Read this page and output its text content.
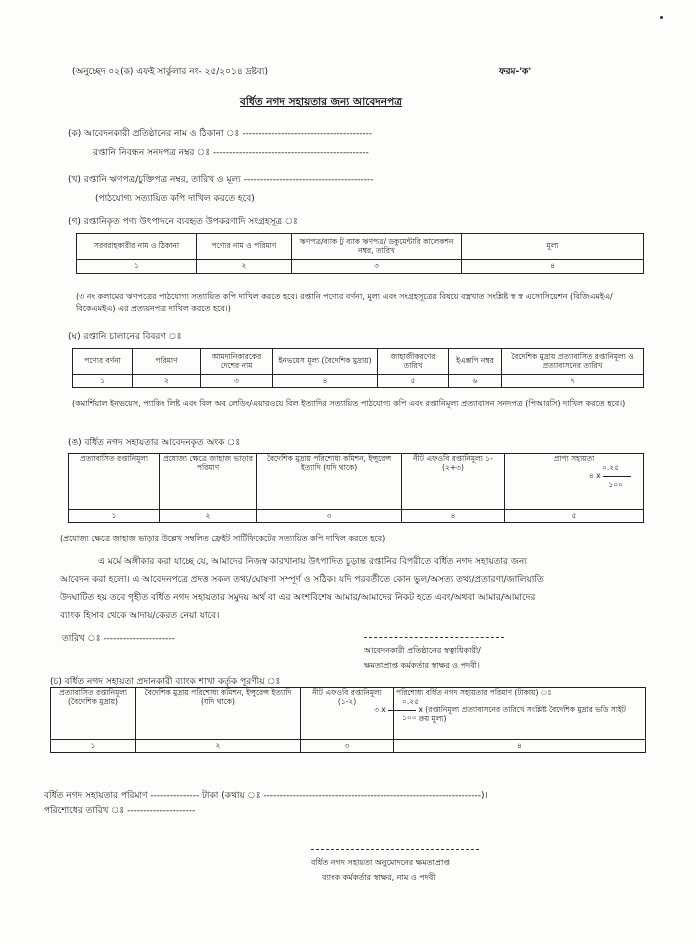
(অনুচ্ছেদ ০২(ক) এফই সার্কুলার নং- ২৫/২০১৪ দ্রষ্টব্য)	ফরম-'ক'
বর্ধিত নগদ সহায়তার জন্য আবেদনপত্র
(ক) আবেদনকারী প্রতিষ্ঠানের নাম ও ঠিকানা ঃ ----------------------------------------
রপ্তানি নিবন্ধন সনদপত্র নম্বর ঃ ------------------------------------------------
(খ) রপ্তানি ঋণপত্র/চুক্তিপত্র নম্বর, তারিখ ও মূল্য ----------------------------------------
(পাঠযোগ্য সত্যায়িত কপি দাখিল করতে হবে)
(গ) রপ্তানিকৃত পণ্য উৎপাদনে ব্যবহৃত উপকরণাদি সংগ্রহসূত্র ঃ
সরবরাহকারীর নাম ও ঠিকানা	পণ্যের নাম ও পরিমাণ	ঋণপত্র/ব্যাক টু ব্যাক ঋণপত্র/ ডকুমেন্টারি কালেকশন নম্বর, তারিখ	মূল্য
১	২	৩	৪
(৩ নং কলামের ঋণপত্রের পাঠযোগ্য সত্যায়িত কপি দাখিল করতে হবে। রপ্তানি পণ্যের বর্ণনা, মূল্য এবং সংগ্রহসূত্রের বিষয়ে বস্ত্রখাত সংশ্লিষ্ট স্ব স্ব এসোসিয়েশন (বিজিএমইএ/বিকেএমইএ) এর প্রত্যয়নপত্র দাখিল করতে হবে।)
(ঘ) রপ্তানি চালানের বিবরণ ঃ
পণ্যের বর্ণনা	পরিমাণ	আমদানিকারকের দেশের নাম	ইনভয়েস মূল্য (বৈদেশিক মুদ্রায়)	জাহাজীকরণের তারিখ	ইএক্সপি নম্বর	বৈদেশিক মুদ্রায় প্রত্যাবাসিত রপ্তানিমূল্য ও প্রত্যাবাসনের তারিখ
১	২	৩	৪	৫	৬	৭
(কমার্শিয়াল ইনভয়েস, প্যাকিং লিষ্ট এবং বিল অব লেডিং/এয়ারওয়ে বিল ইত্যাদির সত্যায়িত পাঠযোগ্য কপি এবং রপ্তানিমূল্য প্রত্যাবাসন সনদপত্র (পিআরসি) দাখিল করতে হবে।)
(ঙ) বর্ধিত নগদ সহায়তার আবেদনকৃত অংক ঃ
প্রত্যাবাসিত রপ্তানিমূল্য	প্রযোজ্য ক্ষেত্রে জাহাজ ভাড়ার পরিমাণ	বৈদেশিক মুদ্রায় পরিশোধ্য কমিশন, ইন্সুরেন্স ইত্যাদি (যদি থাকে)	নীট এফওবি রপ্তানিমূল্য ১-(২+৩)	প্রাপ্য সহায়তা
০.২৫
৪ x
১০০

১	২	৩	৪	৫
(প্রযোজ্য ক্ষেত্রে জাহাজ ভাড়ার উল্লেখ সম্বলিত ফ্রেইট সার্টিফিকেটের সত্যায়িত কপি দাখিল করতে হবে)
এ মর্মে অঙ্গীকার করা যাচ্ছে যে, আমাদের নিজস্ব কারখানায় উৎপাদিত চূড়ান্ত রপ্তানির বিপরীতে বর্ধিত নগদ সহায়তার জন্য
আবেদন করা হলো। এ আবেদনপত্রে প্রদত্ত সকল তথ্য/ঘোষণা সম্পূর্ণ ও সঠিক। যদি পরবর্তীতে কোন ভুল/অসত্য তথ্য/প্রতারণা/জালিয়াতি
উদঘাটিত হয় তবে গৃহীত বর্ধিত নগদ সহায়তার সমুদয় অর্থ বা এর অংশবিশেষ আমার/আমাদের নিকট হতে এবং/অথবা আমার/আমাদের
ব্যাংক হিসাব থেকে আদায়/কেরত নেয়া যাবে।
তারিখ ঃ ----------------------
আবেদনকারী প্রতিষ্ঠানের স্বত্বাধিকারী/
ক্ষমতাপ্রাপ্ত কর্মকর্তার স্বাক্ষর ও পদবী।
(চ) বর্ধিত নগদ সহায়তা প্রদানকারী ব্যাংক শাখা কর্তৃক পূরণীয় ঃ
প্রত্যাবাসিত রপ্তানিমূল্য (বৈদেশিক মুদ্রায়)	বৈদেশিক মুদ্রায় পরিশোধ্য কমিশন, ইন্সুরেন্স ইত্যাদি (যদি থাকে)	নীট এফওবি রপ্তানিমূল্য (১-২)	পরিশোধ্য বর্ধিত নগদ সহায়তার পরিমাণ (টাকায়) ঃ
০.২৫
৩ x x (রপ্তানিমূল্য প্রত্যাবাসনের তারিখে সংশ্লিষ্ট বৈদেশিক মুদ্রার ভডি সাইট ক্রয় মূল্য)
১০০

১	২	৩	৪
বর্ধিত নগদ সহায়তার পরিমাণ --------------- টাকা (কথায় ঃ -------------------------------------------------------------------)।
পরিশোধের তারিখ ঃ ---------------------
বর্ধিত নগদ সহায়তা অনুমোদনের ক্ষমতাপ্রাপ্ত
ব্যাংক কর্মকর্তার স্বাক্ষর, নাম ও পদবী
